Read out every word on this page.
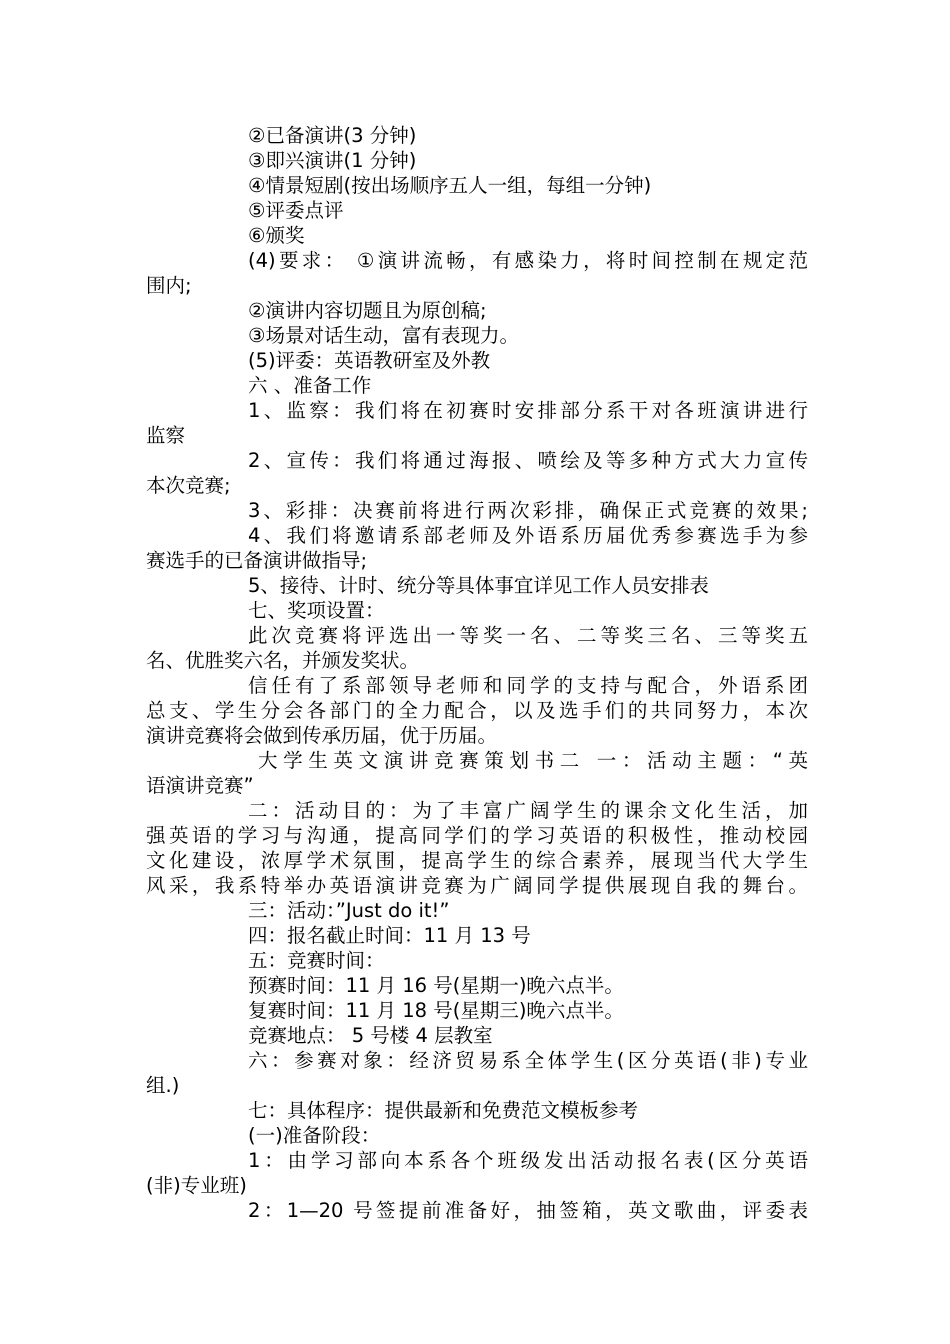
②已备演讲(3 分钟)
③即兴演讲(1 分钟)
④情景短剧(按出场顺序五人一组，每组一分钟)
⑤评委点评
⑥颁奖
(4)要求： ①演讲流畅，有感染力，将时间控制在规定范
围内;
②演讲内容切题且为原创稿;
③场景对话生动，富有表现力。
(5)评委：英语教研室及外教
六 、准备工作
1、监察：我们将在初赛时安排部分系干对各班演讲进行
监察
2、宣传：我们将通过海报、喷绘及等多种方式大力宣传
本次竞赛;
3、彩排：决赛前将进行两次彩排，确保正式竞赛的效果;
4、我们将邀请系部老师及外语系历届优秀参赛选手为参
赛选手的已备演讲做指导;
5、接待、计时、统分等具体事宜详见工作人员安排表
七、奖项设置：
此次竞赛将评选出一等奖一名、二等奖三名、三等奖五
名、优胜奖六名，并颁发奖状。
信任有了系部领导老师和同学的支持与配合，外语系团
总支、学生分会各部门的全力配合，以及选手们的共同努力，本次
演讲竞赛将会做到传承历届，优于历届。
大学生英文演讲竞赛策划书二 一：活动主题：“英
语演讲竞赛”
二：活动目的：为了丰富广阔学生的课余文化生活，加
强英语的学习与沟通，提高同学们的学习英语的积极性，推动校园
文化建设，浓厚学术氛围，提高学生的综合素养，展现当代大学生
风采，我系特举办英语演讲竞赛为广阔同学提供展现自我的舞台。
三：活动：”Just do it!”
四：报名截止时间：11 月 13 号
五：竞赛时间：
预赛时间：11 月 16 号(星期一)晚六点半。
复赛时间：11 月 18 号(星期三)晚六点半。
竞赛地点： 5 号楼 4 层教室
六：参赛对象：经济贸易系全体学生(区分英语(非)专业
组.)
七：具体程序：提供最新和免费范文模板参考
(一)准备阶段：
1：由学习部向本系各个班级发出活动报名表(区分英语
(非)专业班)
2：1—20 号签提前准备好，抽签箱，英文歌曲，评委表
